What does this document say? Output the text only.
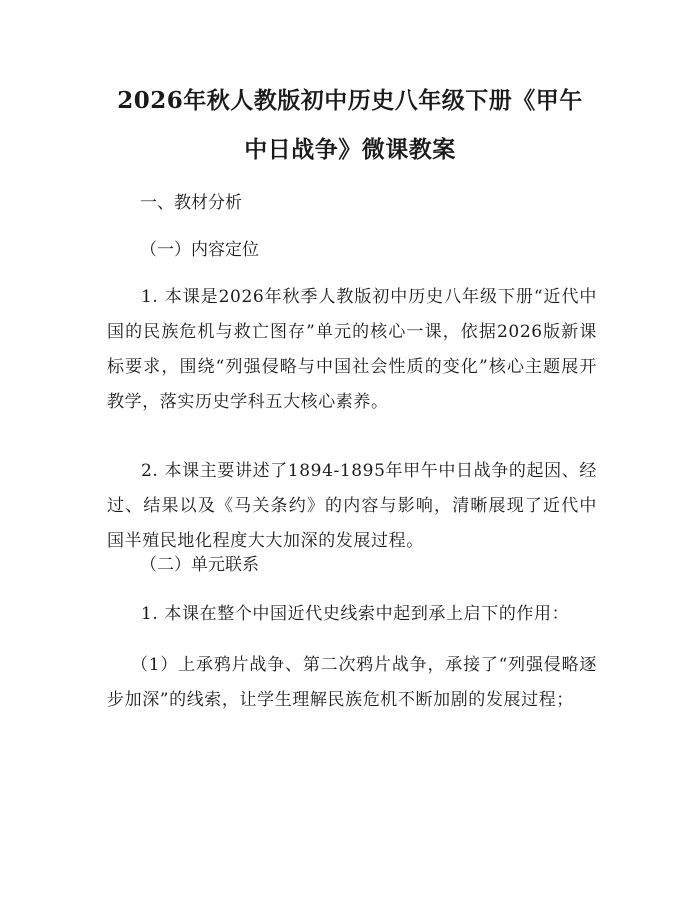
2026年秋人教版初中历史八年级下册《甲午
中日战争》微课教案

一、教材分析

（一）内容定位

1. 本课是2026年秋季人教版初中历史八年级下册“近代中国的民族危机与救亡图存”单元的核心一课，依据2026版新课标要求，围绕“列强侵略与中国社会性质的变化”核心主题展开教学，落实历史学科五大核心素养。

2. 本课主要讲述了1894-1895年甲午中日战争的起因、经过、结果以及《马关条约》的内容与影响，清晰展现了近代中国半殖民地化程度大大加深的发展过程。

（二）单元联系

1. 本课在整个中国近代史线索中起到承上启下的作用：

（1）上承鸦片战争、第二次鸦片战争，承接了“列强侵略逐步加深”的线索，让学生理解民族危机不断加剧的发展过程；
